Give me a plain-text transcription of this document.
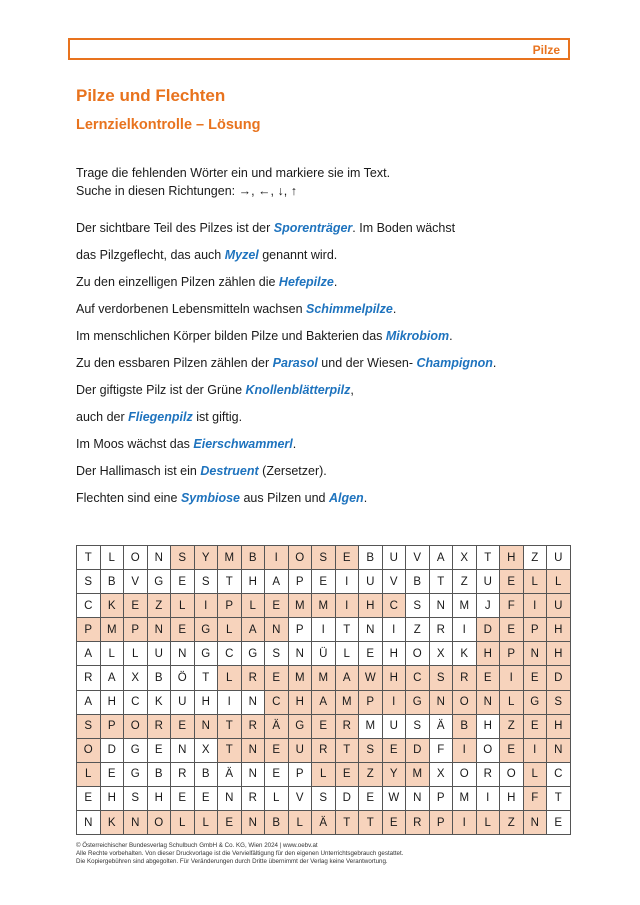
Pilze
Pilze und Flechten
Lernzielkontrolle – Lösung
Trage die fehlenden Wörter ein und markiere sie im Text.
Suche in diesen Richtungen: →, ←, ↓, ↑
Der sichtbare Teil des Pilzes ist der Sporenträger. Im Boden wächst
das Pilzgeflecht, das auch Myzel genannt wird.
Zu den einzelligen Pilzen zählen die Hefepilze.
Auf verdorbenen Lebensmitteln wachsen Schimmelpilze.
Im menschlichen Körper bilden Pilze und Bakterien das Mikrobiom.
Zu den essbaren Pilzen zählen der Parasol und der Wiesen- Champignon.
Der giftigste Pilz ist der Grüne Knollenblätterpilz,
auch der Fliegenpilz ist giftig.
Im Moos wächst das Eierschwammerl.
Der Hallimasch ist ein Destruent (Zersetzer).
Flechten sind eine Symbiose aus Pilzen und Algen.
T	L	O	N	S	Y	M	B	I	O	S	E	B	U	V	A	X	T	H	Z	U
S	B	V	G	E	S	T	H	A	P	E	I	U	V	B	T	Z	U	E	L	L
C	K	E	Z	L	I	P	L	E	M	M	I	H	C	S	N	M	J	F	I	U
P	M	P	N	E	G	L	A	N	P	I	T	N	I	Z	R	I	D	E	P	H
A	L	L	U	N	G	C	G	S	N	Ü	L	E	H	O	X	K	H	P	N	H
R	A	X	B	Ö	T	L	R	E	M	M	A	W	H	C	S	R	E	I	E	D
A	H	C	K	U	H	I	N	C	H	A	M	P	I	G	N	O	N	L	G	S
S	P	O	R	E	N	T	R	Ä	G	E	R	M	U	S	Ä	B	H	Z	E	H
O	D	G	E	N	X	T	N	E	U	R	T	S	E	D	F	I	O	E	I	N
L	E	G	B	R	B	Ä	N	E	P	L	E	Z	Y	M	X	O	R	O	L	C
E	H	S	H	E	E	N	R	L	V	S	D	E	W	N	P	M	I	H	F	T
N	K	N	O	L	L	E	N	B	L	Ä	T	T	E	R	P	I	L	Z	N	E
© Österreichischer Bundesverlag Schulbuch GmbH & Co. KG, Wien 2024 | www.oebv.at
Alle Rechte vorbehalten. Von dieser Druckvorlage ist die Vervielfältigung für den eigenen Unterrichtsgebrauch gestattet.
Die Kopiergebühren sind abgegolten. Für Veränderungen durch Dritte übernimmt der Verlag keine Verantwortung.
